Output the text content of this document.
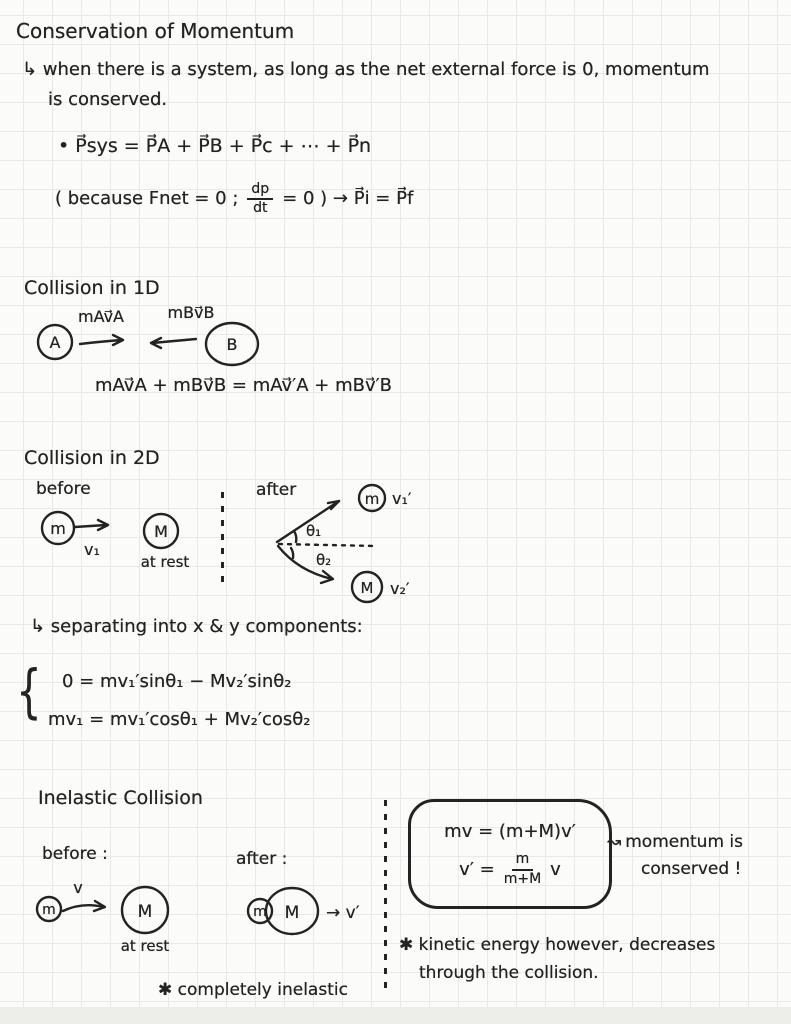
Conservation of Momentum
↳ when there is a system, as long as the net external force is 0, momentum
is conserved.
• P⃗sys = P⃗A + P⃗B + P⃗c + ⋯ + P⃗n
( because Fnet = 0 ; $\frac{dp}{dt} = 0$ ) → P⃗i = P⃗f
Collision in 1D
A
mAv⃗A	mBv⃗B
B
mAv⃗A + mBv⃗B = mAv⃗′A + mBv⃗′B
Collision in 2D
before
m
v₁
M
at rest
after
θ₁
θ₂
m v₁′
M v₂′
↳ separating into x & y components:
{ 0 = mv₁′sinθ₁ − Mv₂′sinθ₂
mv₁ = mv₁′cosθ₁ + Mv₂′cosθ₂
Inelastic Collision
before :
m
v
M
at rest
after :
m M → v′
✱ completely inelastic
mv = (m+M)v′
$v' = \frac{m}{m+M}$ v
↝ momentum is
conserved !
✱ kinetic energy however, decreases
through the collision.
